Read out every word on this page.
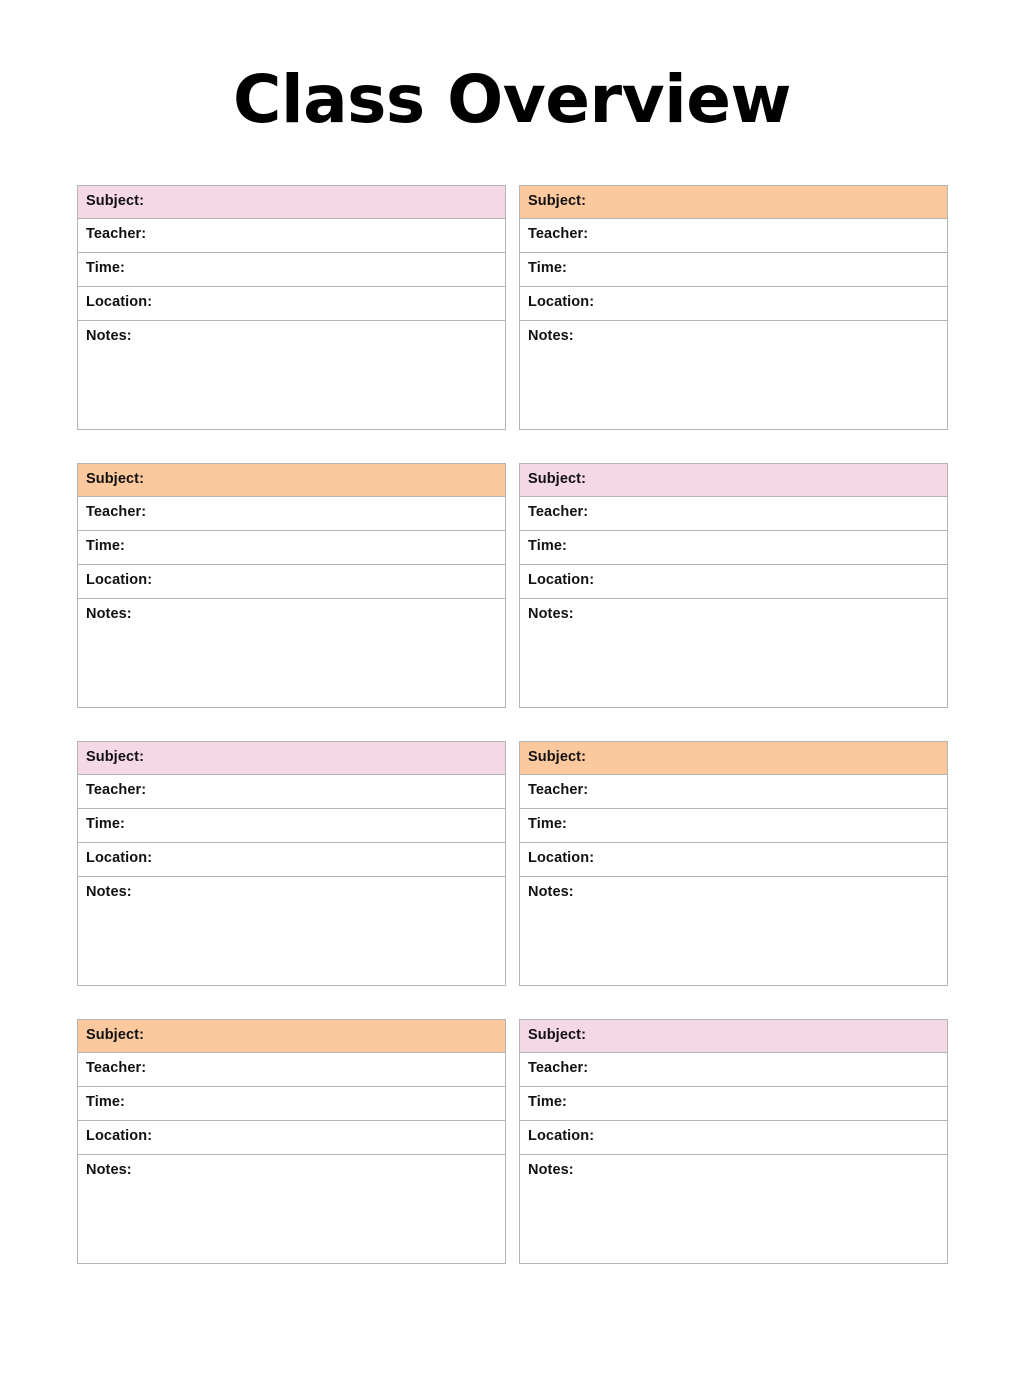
Class Overview
Subject:
Teacher:
Time:
Location:
Notes:
Subject:
Teacher:
Time:
Location:
Notes:
Subject:
Teacher:
Time:
Location:
Notes:
Subject:
Teacher:
Time:
Location:
Notes:
Subject:
Teacher:
Time:
Location:
Notes:
Subject:
Teacher:
Time:
Location:
Notes:
Subject:
Teacher:
Time:
Location:
Notes:
Subject:
Teacher:
Time:
Location:
Notes:
